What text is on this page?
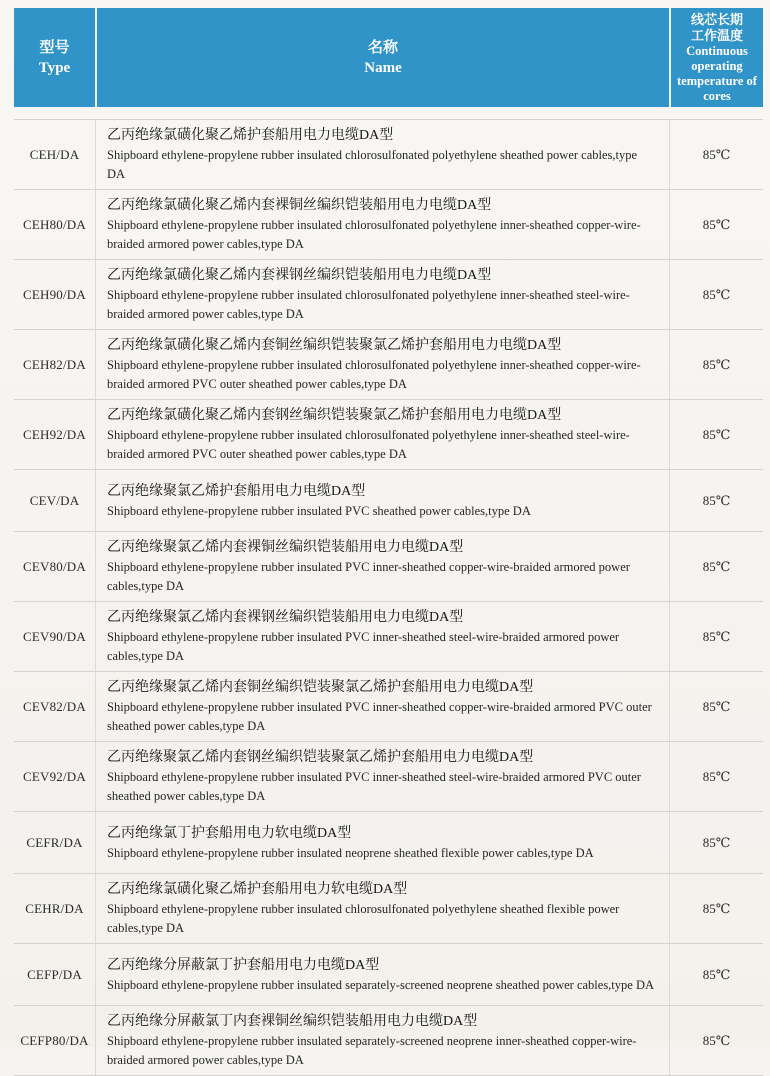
型号
Type
名称
Name
线芯长期
工作温度
Continuous operating temperature of cores
CEH/DA
乙丙绝缘氯磺化聚乙烯护套船用电力电缆DA型
Shipboard ethylene-propylene rubber insulated chlorosulfonated polyethylene sheathed power cables,type DA
85℃
CEH80/DA
乙丙绝缘氯磺化聚乙烯内套裸铜丝编织铠装船用电力电缆DA型
Shipboard ethylene-propylene rubber insulated chlorosulfonated polyethylene inner-sheathed copper-wire-braided armored power cables,type DA
85℃
CEH90/DA
乙丙绝缘氯磺化聚乙烯内套裸钢丝编织铠装船用电力电缆DA型
Shipboard ethylene-propylene rubber insulated chlorosulfonated polyethylene inner-sheathed steel-wire-braided armored power cables,type DA
85℃
CEH82/DA
乙丙绝缘氯磺化聚乙烯内套铜丝编织铠装聚氯乙烯护套船用电力电缆DA型
Shipboard ethylene-propylene rubber insulated chlorosulfonated polyethylene inner-sheathed copper-wire-braided armored PVC outer sheathed power cables,type DA
85℃
CEH92/DA
乙丙绝缘氯磺化聚乙烯内套钢丝编织铠装聚氯乙烯护套船用电力电缆DA型
Shipboard ethylene-propylene rubber insulated chlorosulfonated polyethylene inner-sheathed steel-wire-braided armored PVC outer sheathed power cables,type DA
85℃
CEV/DA
乙丙绝缘聚氯乙烯护套船用电力电缆DA型
Shipboard ethylene-propylene rubber insulated PVC sheathed power cables,type DA
85℃
CEV80/DA
乙丙绝缘聚氯乙烯内套裸铜丝编织铠装船用电力电缆DA型
Shipboard ethylene-propylene rubber insulated PVC inner-sheathed copper-wire-braided armored power cables,type DA
85℃
CEV90/DA
乙丙绝缘聚氯乙烯内套裸钢丝编织铠装船用电力电缆DA型
Shipboard ethylene-propylene rubber insulated PVC inner-sheathed steel-wire-braided armored power cables,type DA
85℃
CEV82/DA
乙丙绝缘聚氯乙烯内套铜丝编织铠装聚氯乙烯护套船用电力电缆DA型
Shipboard ethylene-propylene rubber insulated PVC inner-sheathed copper-wire-braided armored PVC outer sheathed power cables,type DA
85℃
CEV92/DA
乙丙绝缘聚氯乙烯内套钢丝编织铠装聚氯乙烯护套船用电力电缆DA型
Shipboard ethylene-propylene rubber insulated PVC inner-sheathed steel-wire-braided armored PVC outer sheathed power cables,type DA
85℃
CEFR/DA
乙丙绝缘氯丁护套船用电力软电缆DA型
Shipboard ethylene-propylene rubber insulated neoprene sheathed flexible power cables,type DA
85℃
CEHR/DA
乙丙绝缘氯磺化聚乙烯护套船用电力软电缆DA型
Shipboard ethylene-propylene rubber insulated chlorosulfonated polyethylene sheathed flexible power cables,type DA
85℃
CEFP/DA
乙丙绝缘分屏蔽氯丁护套船用电力电缆DA型
Shipboard ethylene-propylene rubber insulated separately-screened neoprene sheathed power cables,type DA
85℃
CEFP80/DA
乙丙绝缘分屏蔽氯丁内套裸铜丝编织铠装船用电力电缆DA型
Shipboard ethylene-propylene rubber insulated separately-screened neoprene inner-sheathed copper-wire-braided armored power cables,type DA
85℃
